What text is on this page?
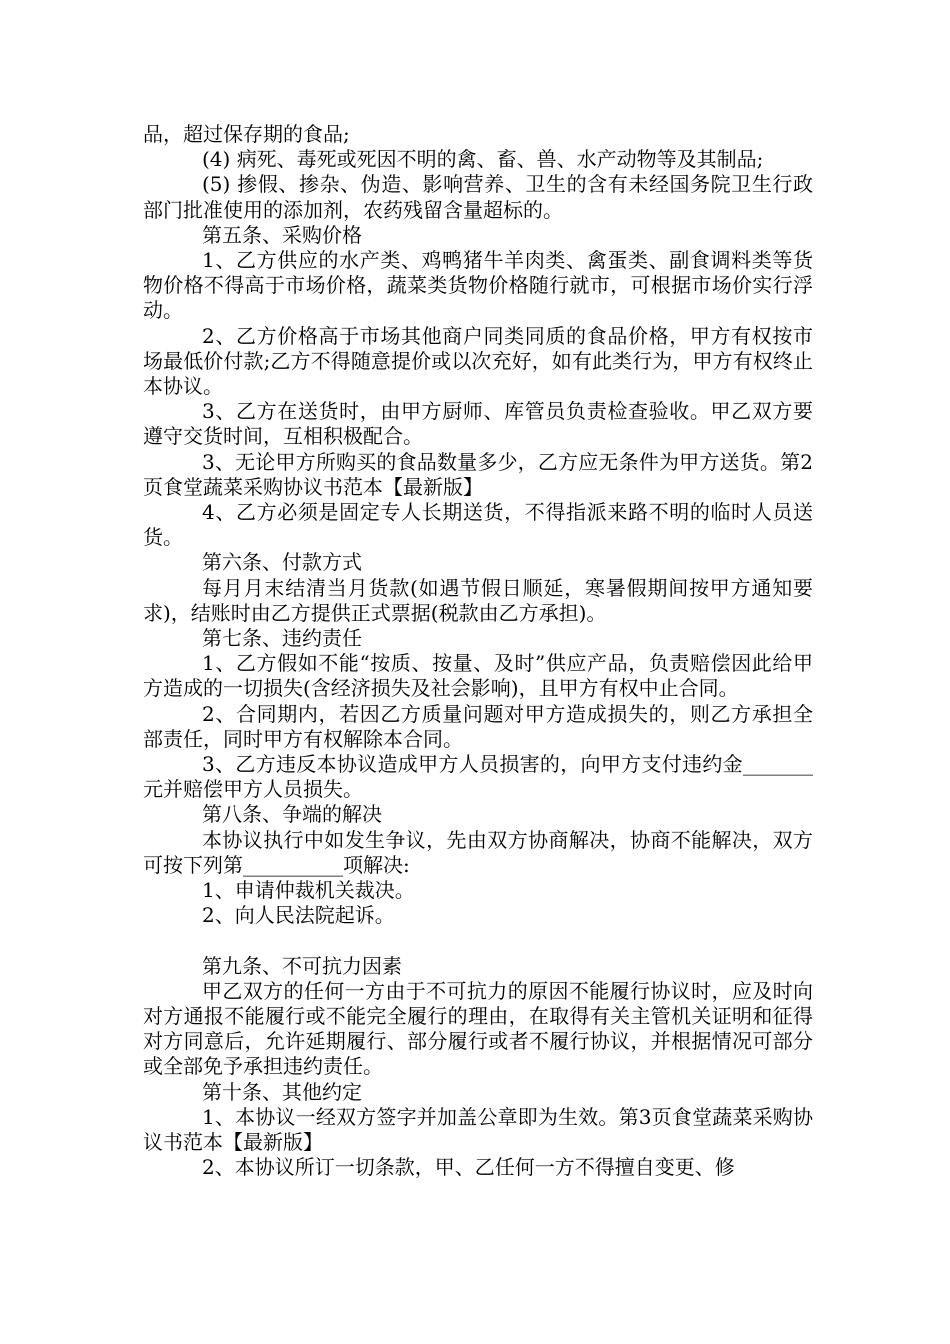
品，超过保存期的食品;

(4) 病死、毒死或死因不明的禽、畜、兽、水产动物等及其制品;

(5) 掺假、掺杂、伪造、影响营养、卫生的含有未经国务院卫生行政部门批准使用的添加剂，农药残留含量超标的。

第五条、采购价格

1、乙方供应的水产类、鸡鸭猪牛羊肉类、禽蛋类、副食调料类等货物价格不得高于市场价格，蔬菜类货物价格随行就市，可根据市场价实行浮动。

2、乙方价格高于市场其他商户同类同质的食品价格，甲方有权按市场最低价付款;乙方不得随意提价或以次充好，如有此类行为，甲方有权终止本协议。

3、乙方在送货时，由甲方厨师、库管员负责检查验收。甲乙双方要遵守交货时间，互相积极配合。

3、无论甲方所购买的食品数量多少，乙方应无条件为甲方送货。第2页食堂蔬菜采购协议书范本【最新版】

4、乙方必须是固定专人长期送货，不得指派来路不明的临时人员送货。

第六条、付款方式

每月月末结清当月货款(如遇节假日顺延，寒暑假期间按甲方通知要求)，结账时由乙方提供正式票据(税款由乙方承担)。

第七条、违约责任

1、乙方假如不能“按质、按量、及时”供应产品，负责赔偿因此给甲方造成的一切损失(含经济损失及社会影响)，且甲方有权中止合同。

2、合同期内，若因乙方质量问题对甲方造成损失的，则乙方承担全部责任，同时甲方有权解除本合同。

3、乙方违反本协议造成甲方人员损害的，向甲方支付违约金_______元并赔偿甲方人员损失。

第八条、争端的解决

本协议执行中如发生争议，先由双方协商解决，协商不能解决，双方可按下列第__________项解决:

1、申请仲裁机关裁决。

2、向人民法院起诉。

第九条、不可抗力因素

甲乙双方的任何一方由于不可抗力的原因不能履行协议时，应及时向对方通报不能履行或不能完全履行的理由，在取得有关主管机关证明和征得对方同意后，允许延期履行、部分履行或者不履行协议，并根据情况可部分或全部免予承担违约责任。

第十条、其他约定

1、本协议一经双方签字并加盖公章即为生效。第3页食堂蔬菜采购协议书范本【最新版】

2、本协议所订一切条款，甲、乙任何一方不得擅自变更、修
